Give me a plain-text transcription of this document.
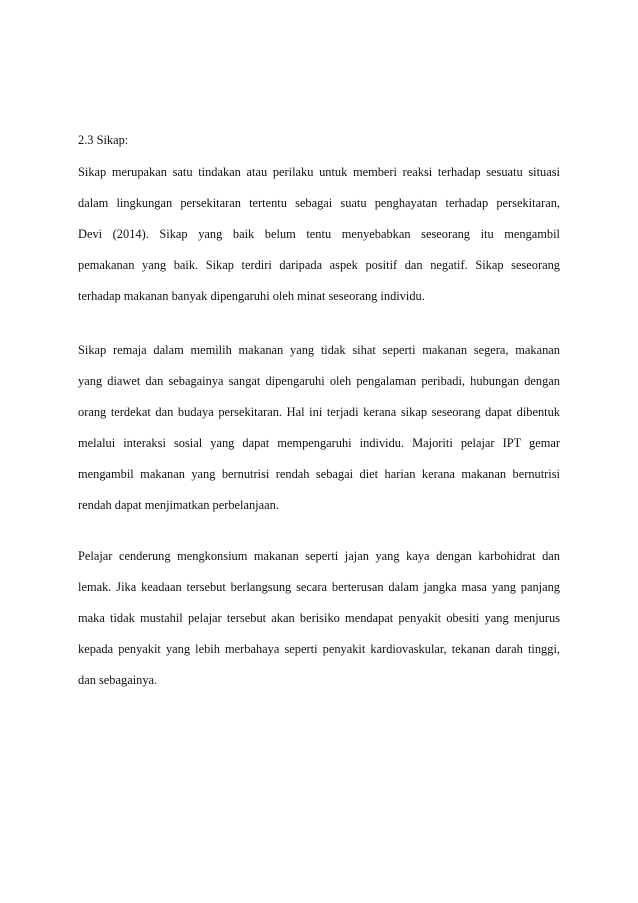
2.3 Sikap:
Sikap merupakan satu tindakan atau perilaku untuk memberi reaksi terhadap sesuatu situasi
dalam lingkungan persekitaran tertentu sebagai suatu penghayatan terhadap persekitaran,
Devi (2014). Sikap yang baik belum tentu menyebabkan seseorang itu mengambil
pemakanan yang baik. Sikap terdiri daripada aspek positif dan negatif. Sikap seseorang
terhadap makanan banyak dipengaruhi oleh minat seseorang individu.
Sikap remaja dalam memilih makanan yang tidak sihat seperti makanan segera, makanan
yang diawet dan sebagainya sangat dipengaruhi oleh pengalaman peribadi, hubungan dengan
orang terdekat dan budaya persekitaran. Hal ini terjadi kerana sikap seseorang dapat dibentuk
melalui interaksi sosial yang dapat mempengaruhi individu. Majoriti pelajar IPT gemar
mengambil makanan yang bernutrisi rendah sebagai diet harian kerana makanan bernutrisi
rendah dapat menjimatkan perbelanjaan.
Pelajar cenderung mengkonsium makanan seperti jajan yang kaya dengan karbohidrat dan
lemak. Jika keadaan tersebut berlangsung secara berterusan dalam jangka masa yang panjang
maka tidak mustahil pelajar tersebut akan berisiko mendapat penyakit obesiti yang menjurus
kepada penyakit yang lebih merbahaya seperti penyakit kardiovaskular, tekanan darah tinggi,
dan sebagainya.
